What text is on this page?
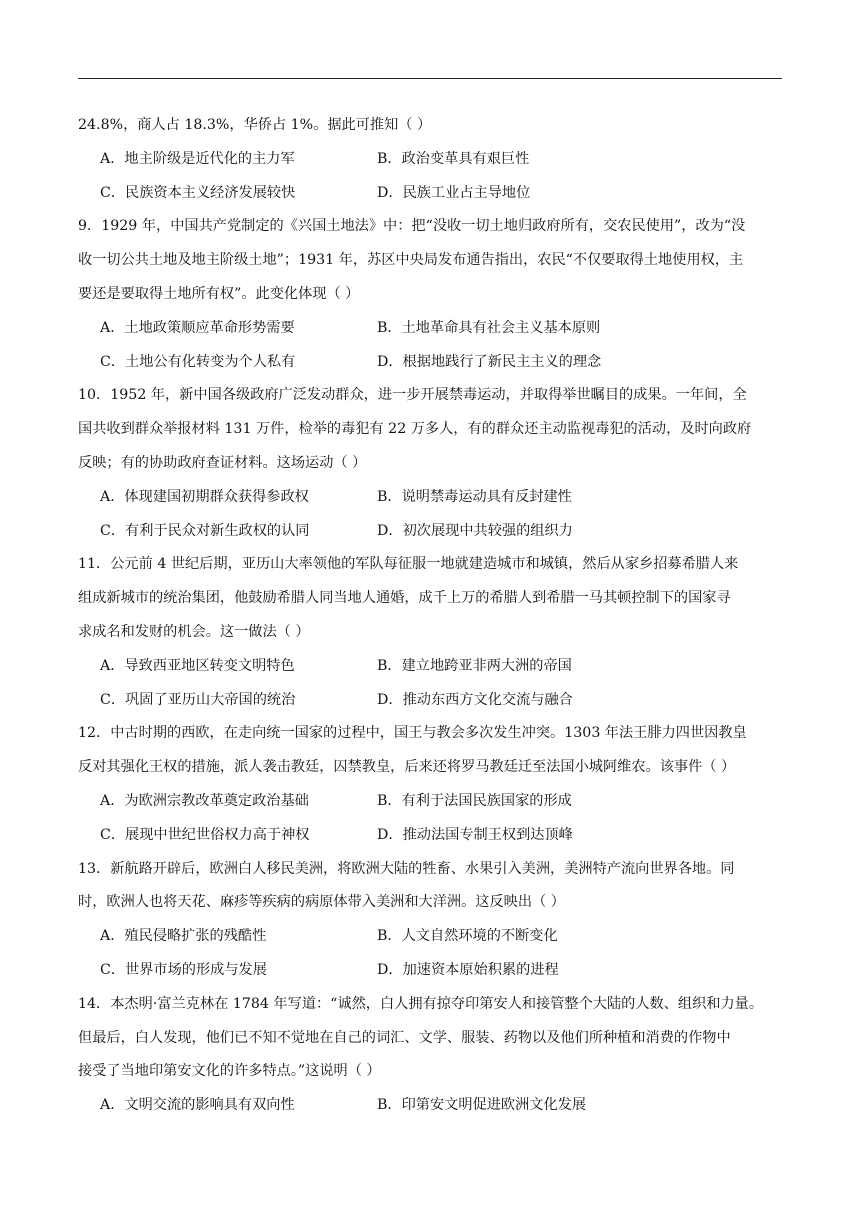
24.8%，商人占 18.3%，华侨占 1%。据此可推知（ ）
A．地主阶级是近代化的主力军	B．政治变革具有艰巨性
C．民族资本主义经济发展较快	D．民族工业占主导地位
9．1929 年，中国共产党制定的《兴国土地法》中：把“没收一切土地归政府所有，交农民使用”，改为“没
收一切公共土地及地主阶级土地”；1931 年，苏区中央局发布通告指出，农民“不仅要取得土地使用权，主
要还是要取得土地所有权”。此变化体现（ ）
A．土地政策顺应革命形势需要	B．土地革命具有社会主义基本原则
C．土地公有化转变为个人私有	D．根据地践行了新民主主义的理念
10．1952 年，新中国各级政府广泛发动群众，进一步开展禁毒运动，并取得举世瞩目的成果。一年间，全
国共收到群众举报材料 131 万件，检举的毒犯有 22 万多人，有的群众还主动监视毒犯的活动，及时向政府
反映；有的协助政府查证材料。这场运动（ ）
A．体现建国初期群众获得参政权	B．说明禁毒运动具有反封建性
C．有利于民众对新生政权的认同	D．初次展现中共较强的组织力
11．公元前 4 世纪后期，亚历山大率领他的军队每征服一地就建造城市和城镇，然后从家乡招募希腊人来
组成新城市的统治集团，他鼓励希腊人同当地人通婚，成千上万的希腊人到希腊一马其顿控制下的国家寻
求成名和发财的机会。这一做法（ ）
A．导致西亚地区转变文明特色	B．建立地跨亚非两大洲的帝国
C．巩固了亚历山大帝国的统治	D．推动东西方文化交流与融合
12．中古时期的西欧，在走向统一国家的过程中，国王与教会多次发生冲突。1303 年法王腓力四世因教皇
反对其强化王权的措施，派人袭击教廷，囚禁教皇，后来还将罗马教廷迁至法国小城阿维农。该事件（ ）
A．为欧洲宗教改革奠定政治基础	B．有利于法国民族国家的形成
C．展现中世纪世俗权力高于神权	D．推动法国专制王权到达顶峰
13．新航路开辟后，欧洲白人移民美洲，将欧洲大陆的牲畜、水果引入美洲，美洲特产流向世界各地。同
时，欧洲人也将天花、麻疹等疾病的病原体带入美洲和大洋洲。这反映出（ ）
A．殖民侵略扩张的残酷性	B．人文自然环境的不断变化
C．世界市场的形成与发展	D．加速资本原始积累的进程
14．本杰明·富兰克林在 1784 年写道：“诚然，白人拥有掠夺印第安人和接管整个大陆的人数、组织和力量。
但最后，白人发现，他们已不知不觉地在自己的词汇、文学、服装、药物以及他们所种植和消费的作物中
接受了当地印第安文化的许多特点。”这说明（ ）
A．文明交流的影响具有双向性	B．印第安文明促进欧洲文化发展
